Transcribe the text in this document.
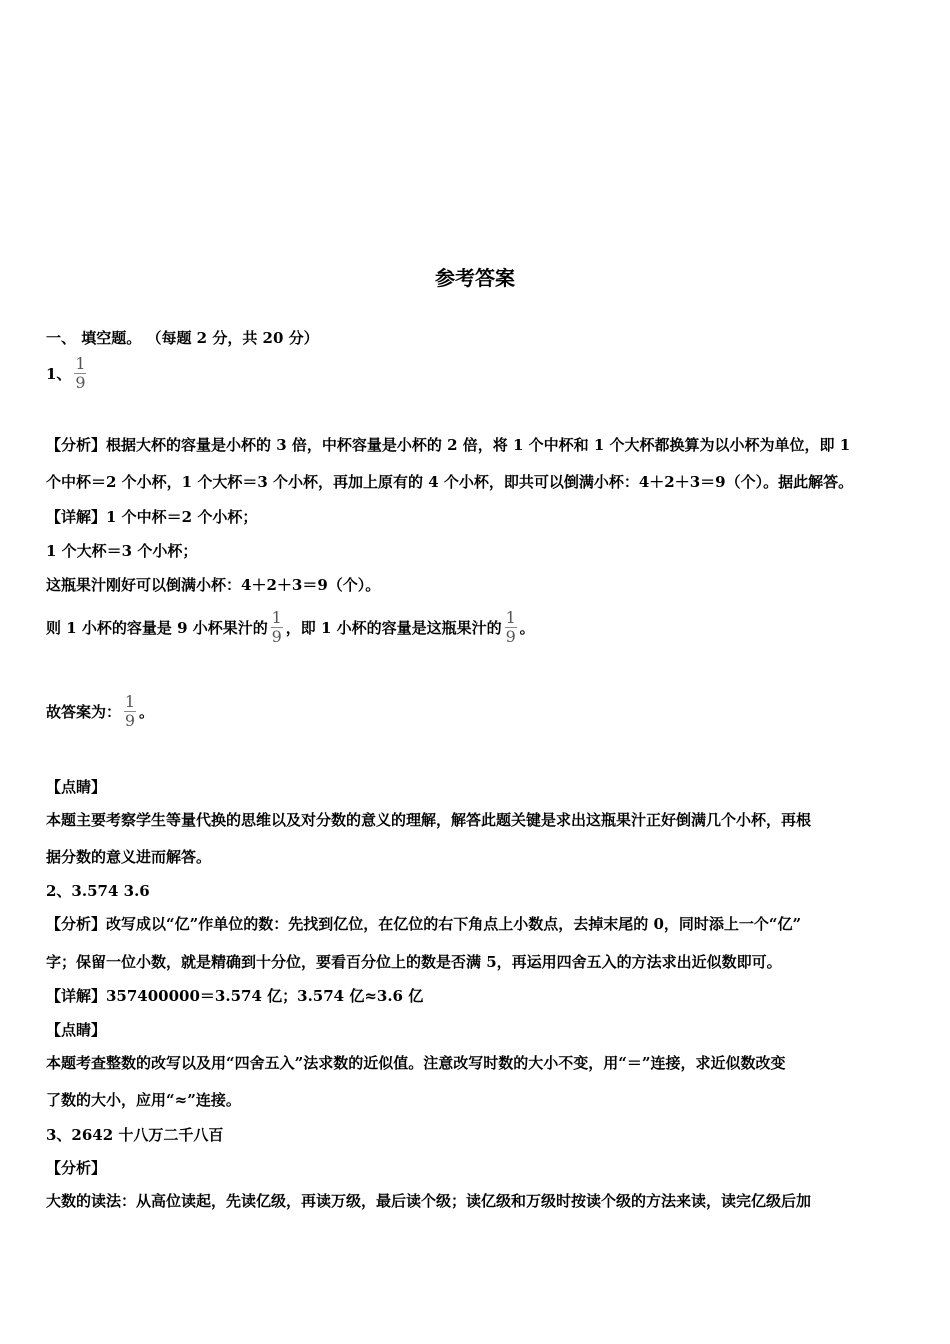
参考答案
一、 填空题。 （每题 2 分，共 20 分）
1、 $\frac{1}{9}$
【分析】根据大杯的容量是小杯的 3 倍，中杯容量是小杯的 2 倍，将 1 个中杯和 1 个大杯都换算为以小杯为单位，即 1
个中杯＝2 个小杯，1 个大杯＝3 个小杯，再加上原有的 4 个小杯，即共可以倒满小杯：4＋2＋3＝9（个）。据此解答。
【详解】1 个中杯＝2 个小杯；
1 个大杯＝3 个小杯；
这瓶果汁刚好可以倒满小杯：4＋2＋3＝9（个）。
则 1 小杯的容量是 9 小杯果汁的 $\frac{1}{9}$ ，即 1 小杯的容量是这瓶果汁的 $\frac{1}{9}$ 。
故答案为： $\frac{1}{9}$ 。
【点睛】
本题主要考察学生等量代换的思维以及对分数的意义的理解，解答此题关键是求出这瓶果汁正好倒满几个小杯，再根
据分数的意义进而解答。
2、3.574 3.6
【分析】改写成以“亿”作单位的数：先找到亿位，在亿位的右下角点上小数点，去掉末尾的 0，同时添上一个“亿”
字；保留一位小数，就是精确到十分位，要看百分位上的数是否满 5，再运用四舍五入的方法求出近似数即可。
【详解】357400000＝3.574 亿；3.574 亿≈3.6 亿
【点睛】
本题考查整数的改写以及用“四舍五入”法求数的近似值。注意改写时数的大小不变，用“＝”连接，求近似数改变
了数的大小，应用“≈”连接。
3、2642 十八万二千八百
【分析】
大数的读法：从高位读起，先读亿级，再读万级，最后读个级；读亿级和万级时按读个级的方法来读，读完亿级后加
